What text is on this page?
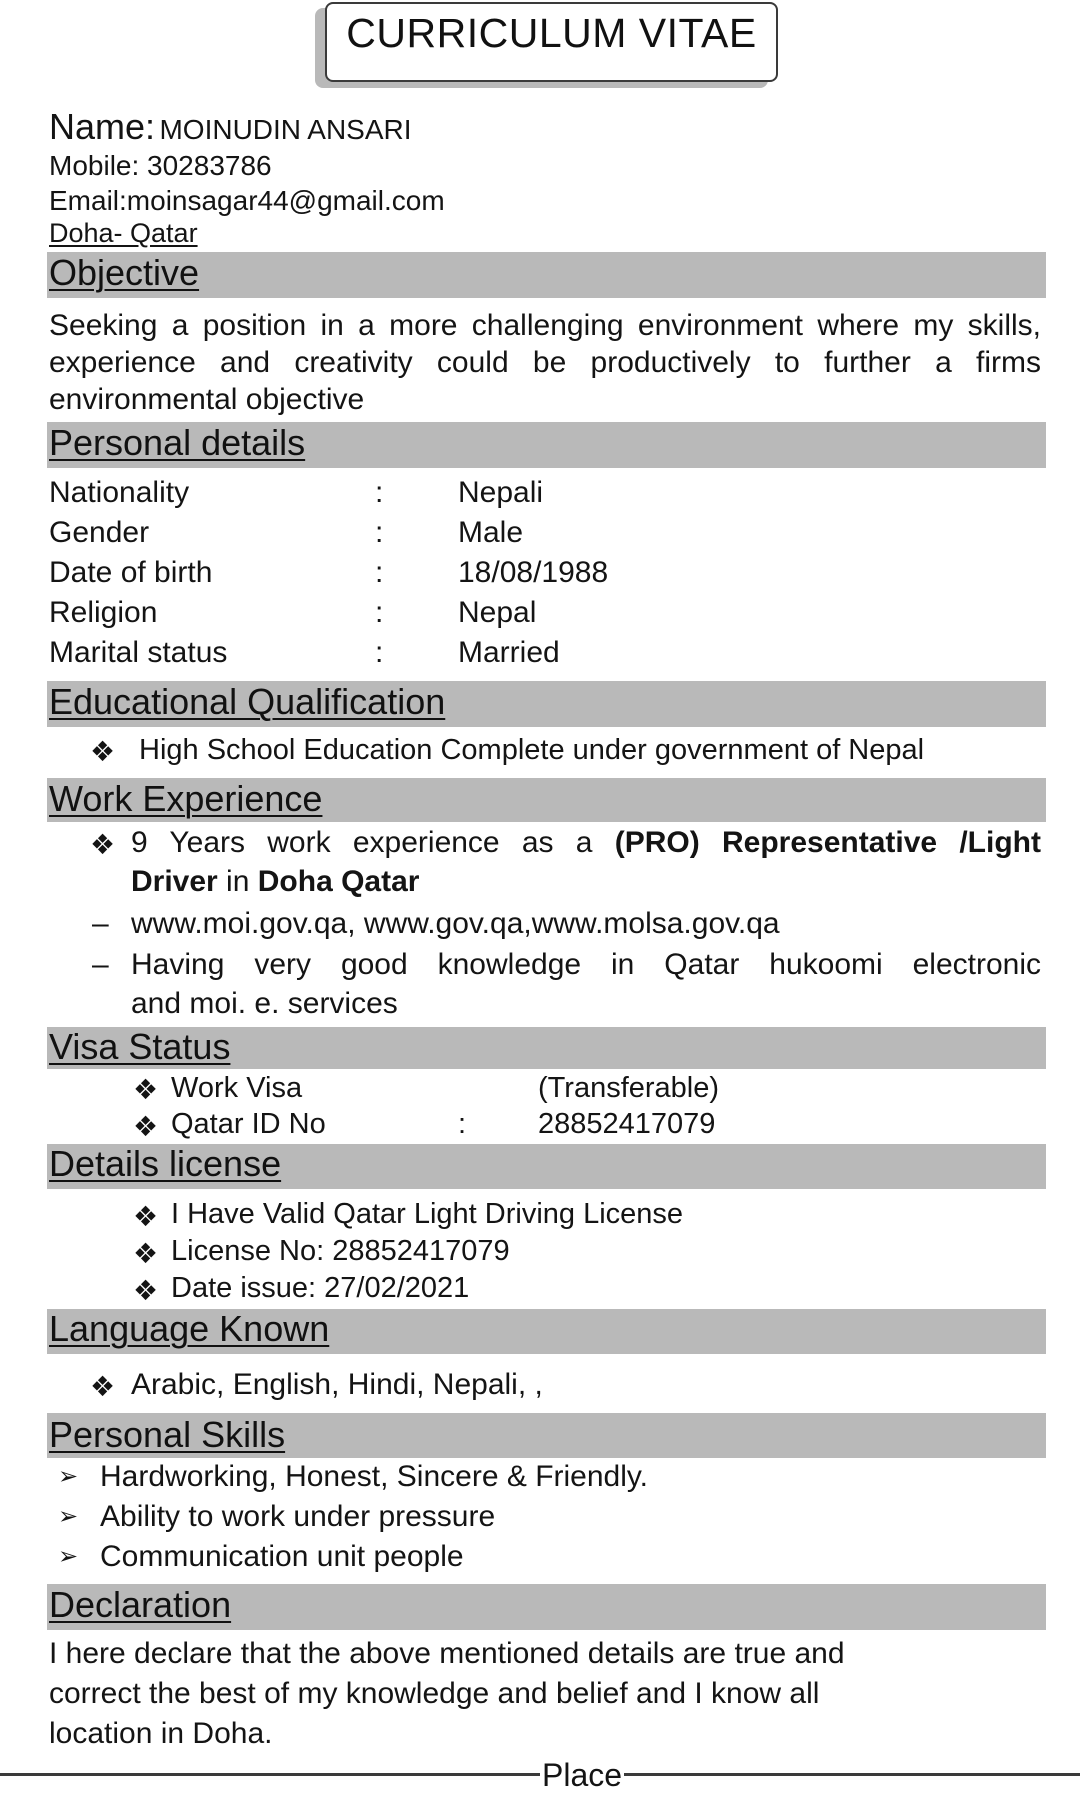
CURRICULUM VITAE
Name: MOINUDIN ANSARI
Mobile: 30283786
Email:moinsagar44@gmail.com
Doha- Qatar
Objective
Seeking a position in a more challenging environment where my skills,
experience and creativity could be productively to further a firms
environmental objective
Personal details
Nationality	: Nepali
Gender	: Male
Date of birth	: 18/08/1988
Religion	: Nepal
Marital status	: Married
Educational Qualification
❖ High School Education Complete under government of Nepal
Work Experience
❖ 9 Years work experience as a (PRO) Representative /Light
Driver in Doha Qatar
– www.moi.gov.qa, www.gov.qa,www.molsa.gov.qa
– Having very good knowledge in Qatar hukoomi electronic
and moi. e. services
Visa Status
❖ Work Visa	(Transferable)
❖ Qatar ID No	: 28852417079
Details license
❖ I Have Valid Qatar Light Driving License
❖ License No: 28852417079
❖ Date issue: 27/02/2021
Language Known
❖ Arabic, English, Hindi, Nepali, ,
Personal Skills
➢ Hardworking, Honest, Sincere & Friendly.
➢ Ability to work under pressure
➢ Communication unit people
Declaration
I here declare that the above mentioned details are true and
correct the best of my knowledge and belief and I know all
location in Doha.
Place
